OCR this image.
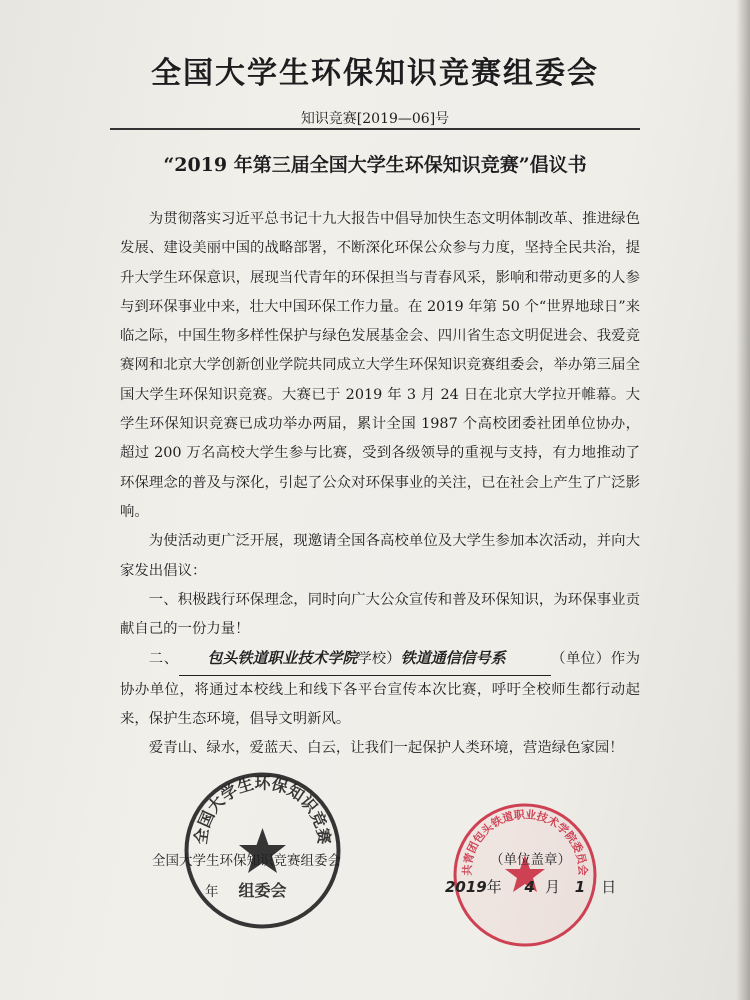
全国大学生环保知识竞赛组委会
知识竞赛[2019—06]号
“2019 年第三届全国大学生环保知识竞赛”倡议书

为贯彻落实习近平总书记十九大报告中倡导加快生态文明体制改革、推进绿色发展、建设美丽中国的战略部署，不断深化环保公众参与力度，坚持全民共治，提升大学生环保意识，展现当代青年的环保担当与青春风采，影响和带动更多的人参与到环保事业中来，壮大中国环保工作力量。在 2019 年第 50 个“世界地球日”来临之际，中国生物多样性保护与绿色发展基金会、四川省生态文明促进会、我爱竞赛网和北京大学创新创业学院共同成立大学生环保知识竞赛组委会，举办第三届全国大学生环保知识竞赛。大赛已于 2019 年 3 月 24 日在北京大学拉开帷幕。大学生环保知识竞赛已成功举办两届，累计全国 1987 个高校团委社团单位协办，超过 200 万名高校大学生参与比赛，受到各级领导的重视与支持，有力地推动了环保理念的普及与深化，引起了公众对环保事业的关注，已在社会上产生了广泛影响。

为使活动更广泛开展，现邀请全国各高校单位及大学生参加本次活动，并向大家发出倡议：

一、积极践行环保理念，同时向广大公众宣传和普及环保知识，为环保事业贡献自己的一份力量！

二、 包头铁道职业技术学院学校）铁道通信信号系	（单位）作为协办单位，将通过本校线上和线下各平台宣传本次比赛，呼吁全校师生都行动起来，保护生态环境，倡导文明新风。

爱青山、绿水，爱蓝天、白云，让我们一起保护人类环境，营造绿色家园！

全国大学生环保知识竞赛
组委会
共青团包头铁道职业技术学院委员会
全国大学生环保知识竞赛组委会
年
（单位盖章）
2019年 4 月 1 日
